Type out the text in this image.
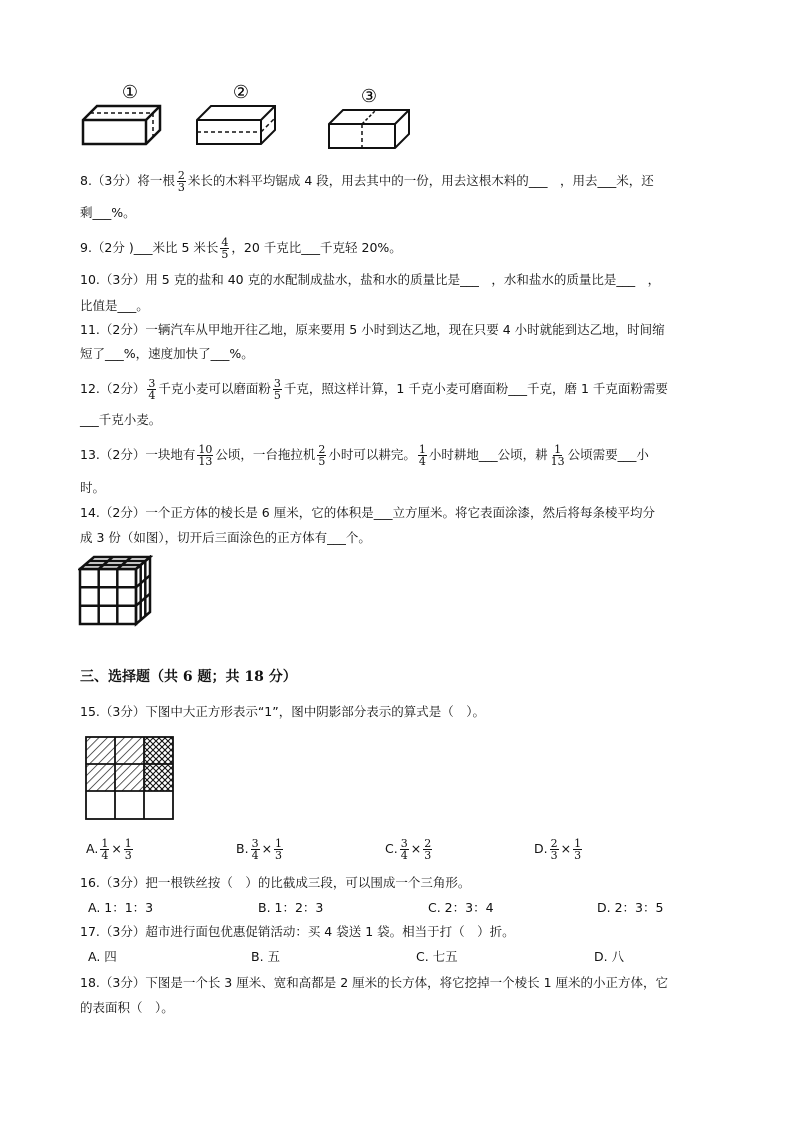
①	②	③
8.（3分）将一根 $\frac{2}{3}$ 米长的木料平均锯成 4 段，用去其中的一份，用去这根木料的___　，用去___米，还
剩___%。
9.（2分 )___米比 5 米长 $\frac{4}{5}$ ，20 千克比___千克轻 20%。
10.（3分）用 5 克的盐和 40 克的水配制成盐水，盐和水的质量比是___　，水和盐水的质量比是___　，
比值是___。
11.（2分）一辆汽车从甲地开往乙地，原来要用 5 小时到达乙地，现在只要 4 小时就能到达乙地，时间缩
短了___%，速度加快了___%。
12.（2分） $\frac{3}{4}$ 千克小麦可以磨面粉 $\frac{3}{5}$ 千克，照这样计算，1 千克小麦可磨面粉___千克，磨 1 千克面粉需要
___千克小麦。
13.（2分）一块地有 $\frac{10}{13}$ 公顷，一台拖拉机 $\frac{2}{5}$ 小时可以耕完。 $\frac{1}{4}$ 小时耕地___公顷，耕 $\frac{1}{13}$ 公顷需要___小
时。
14.（2分）一个正方体的棱长是 6 厘米，它的体积是___立方厘米。将它表面涂漆，然后将每条棱平均分
成 3 份（如图），切开后三面涂色的正方体有___个。
三、选择题（共 6 题；共 18 分）
15.（3分）下图中大正方形表示“1”，图中阴影部分表示的算式是（　）。
A. $\frac{1}{4} \times \frac{1}{3}$	B. $\frac{3}{4} \times \frac{1}{3}$	C. $\frac{3}{4} \times \frac{2}{3}$	D. $\frac{2}{3} \times \frac{1}{3}$
16.（3分）把一根铁丝按（　）的比截成三段，可以围成一个三角形。
A. 1：1：3	B. 1：2：3	C. 2：3：4	D. 2：3：5
17.（3分）超市进行面包优惠促销活动：买 4 袋送 1 袋。相当于打（　）折。
A. 四	B. 五	C. 七五	D. 八
18.（3分）下图是一个长 3 厘米、宽和高都是 2 厘米的长方体，将它挖掉一个棱长 1 厘米的小正方体，它
的表面积（　）。
